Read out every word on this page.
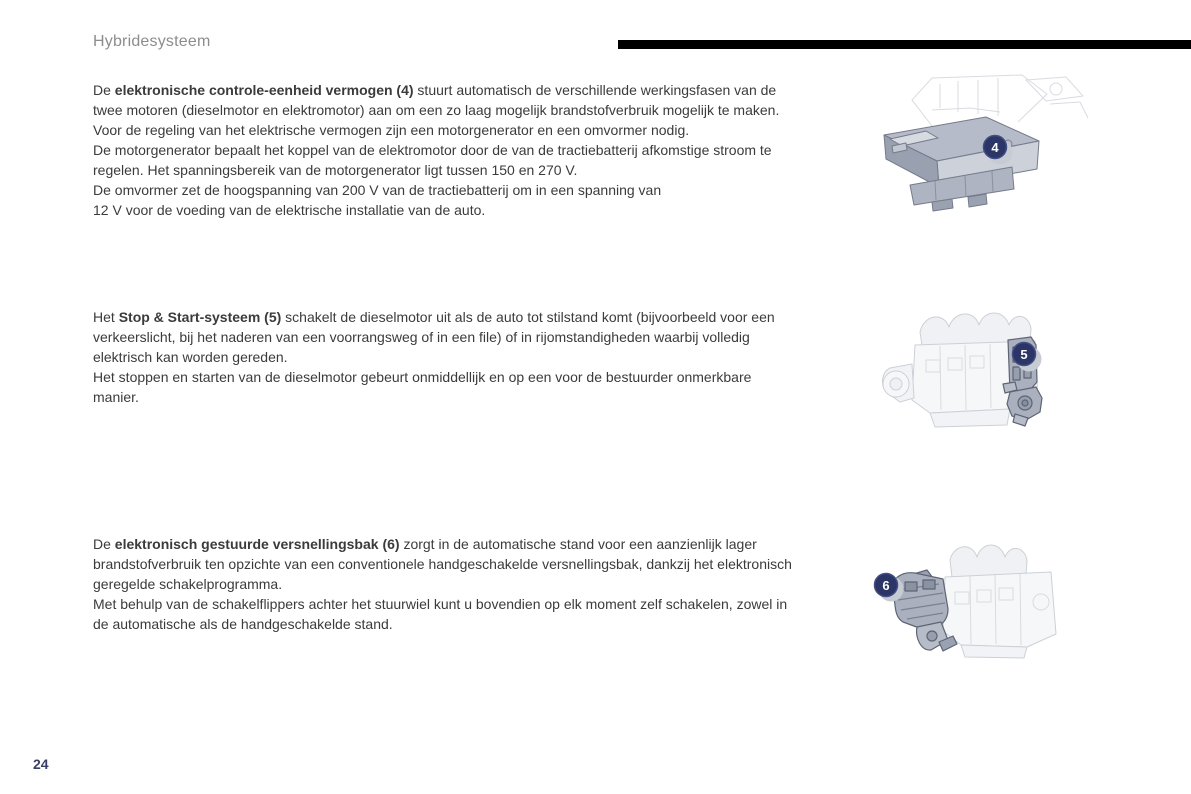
Hybridesysteem
De elektronische controle-eenheid vermogen (4) stuurt automatisch de verschillende werkingsfasen van de twee motoren (dieselmotor en elektromotor) aan om een zo laag mogelijk brandstofverbruik mogelijk te maken.
Voor de regeling van het elektrische vermogen zijn een motorgenerator en een omvormer nodig.
De motorgenerator bepaalt het koppel van de elektromotor door de van de tractiebatterij afkomstige stroom te regelen. Het spanningsbereik van de motorgenerator ligt tussen 150 en 270 V.
De omvormer zet de hoogspanning van 200 V van de tractiebatterij om in een spanning van
12 V voor de voeding van de elektrische installatie van de auto.
Het Stop & Start-systeem (5) schakelt de dieselmotor uit als de auto tot stilstand komt (bijvoorbeeld voor een verkeerslicht, bij het naderen van een voorrangsweg of in een file) of in rijomstandigheden waarbij volledig elektrisch kan worden gereden.
Het stoppen en starten van de dieselmotor gebeurt onmiddellijk en op een voor de bestuurder onmerkbare manier.
De elektronisch gestuurde versnellingsbak (6) zorgt in de automatische stand voor een aanzienlijk lager brandstofverbruik ten opzichte van een conventionele handgeschakelde versnellingsbak, dankzij het elektronisch geregelde schakelprogramma.
Met behulp van de schakelflippers achter het stuurwiel kunt u bovendien op elk moment zelf schakelen, zowel in de automatische als de handgeschakelde stand.
4
5
6
24
